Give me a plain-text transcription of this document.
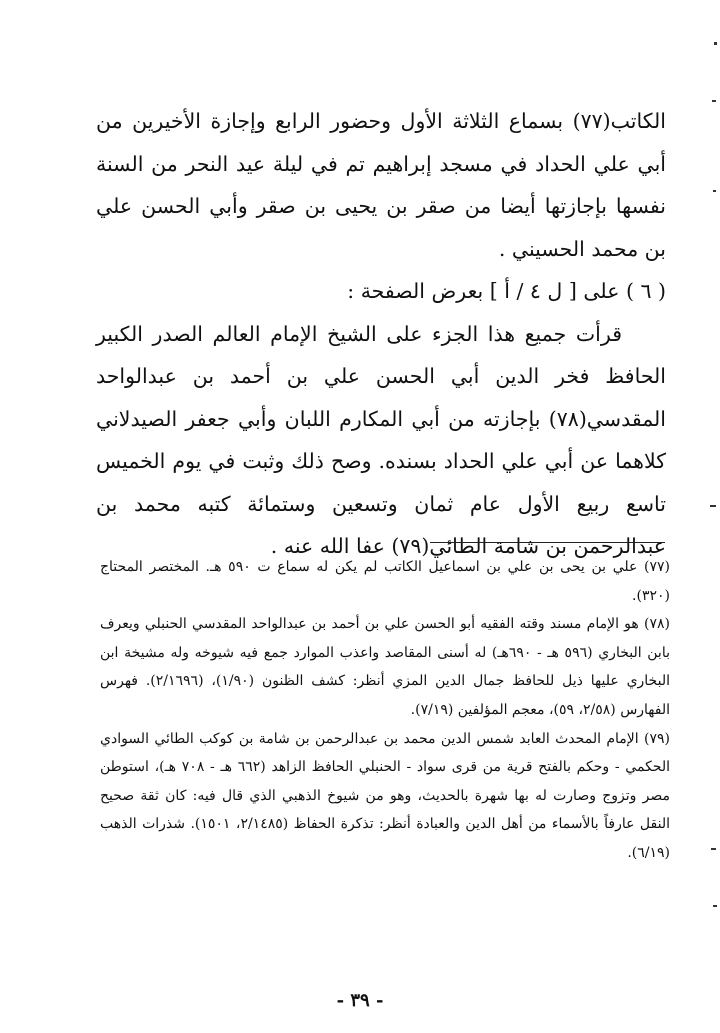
الكاتب(٧٧) بسماع الثلاثة الأول وحضور الرابع وإجازة الأخيرين من أبي علي الحداد في مسجد إبراهيم تم في ليلة عيد النحر من السنة نفسها بإجازتها أيضا من صقر بن يحيى بن صقر وأبي الحسن علي بن محمد الحسيني .

( ٦ ) على [ ل ٤ / أ ] بعرض الصفحة :

قرأت جميع هذا الجزء على الشيخ الإمام العالم الصدر الكبير الحافظ فخر الدين أبي الحسن علي بن أحمد بن عبدالواحد المقدسي(٧٨) بإجازته من أبي المكارم اللبان وأبي جعفر الصيدلاني كلاهما عن أبي علي الحداد بسنده. وصح ذلك وثبت في يوم الخميس تاسع ربيع الأول عام ثمان وتسعين وستمائة كتبه محمد بن عبدالرحمن بن شامة الطائي(٧٩) عفا الله عنه .

(٧٧) علي بن يحى بن علي بن اسماعيل الكاتب لم يكن له سماع ت ٥٩٠ هـ. المختصر المحتاج (٣٢٠).

(٧٨) هو الإمام مسند وقته الفقيه أبو الحسن علي بن أحمد بن عبدالواحد المقدسي الحنبلي ويعرف بابن البخاري (٥٩٦ هـ - ٦٩٠هـ) له أسنى المقاصد واعذب الموارد جمع فيه شيوخه وله مشيخة ابن البخاري عليها ذيل للحافظ جمال الدين المزي أنظر: كشف الظنون (١/٩٠)، (٢/١٦٩٦). فهرس الفهارس (٢/٥٨، ٥٩)، معجم المؤلفين (٧/١٩).

(٧٩) الإمام المحدث العابد شمس الدين محمد بن عبدالرحمن بن شامة بن كوكب الطائي السوادي الحكمي - وحكم بالفتح قرية من قرى سواد - الحنبلي الحافظ الزاهد (٦٦٢ هـ - ٧٠٨ هـ)، استوطن مصر وتزوج وصارت له بها شهرة بالحديث، وهو من شيوخ الذهبي الذي قال فيه: كان ثقة صحيح النقل عارفاً بالأسماء من أهل الدين والعبادة أنظر: تذكرة الحفاظ (٢/١٤٨٥، ١٥٠١). شذرات الذهب (٦/١٩).

- ٣٩ -
